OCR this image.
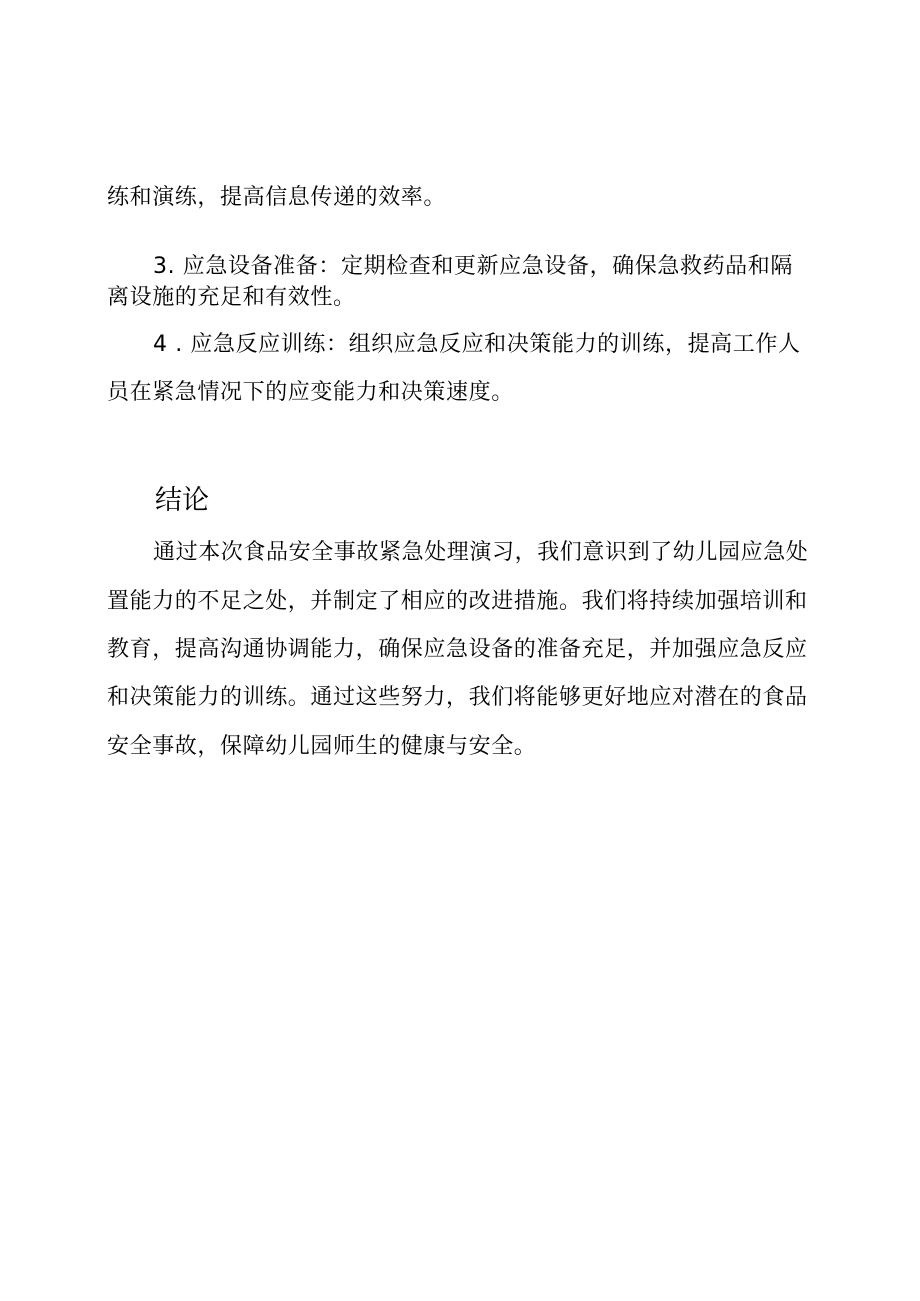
练和演练，提高信息传递的效率。
3. 应急设备准备：定期检查和更新应急设备，确保急救药品和隔
离设施的充足和有效性。
4 . 应急反应训练：组织应急反应和决策能力的训练，提高工作人
员在紧急情况下的应变能力和决策速度。
结论
通过本次食品安全事故紧急处理演习，我们意识到了幼儿园应急处
置能力的不足之处，并制定了相应的改进措施。我们将持续加强培训和
教育，提高沟通协调能力，确保应急设备的准备充足，并加强应急反应
和决策能力的训练。通过这些努力，我们将能够更好地应对潜在的食品
安全事故，保障幼儿园师生的健康与安全。
